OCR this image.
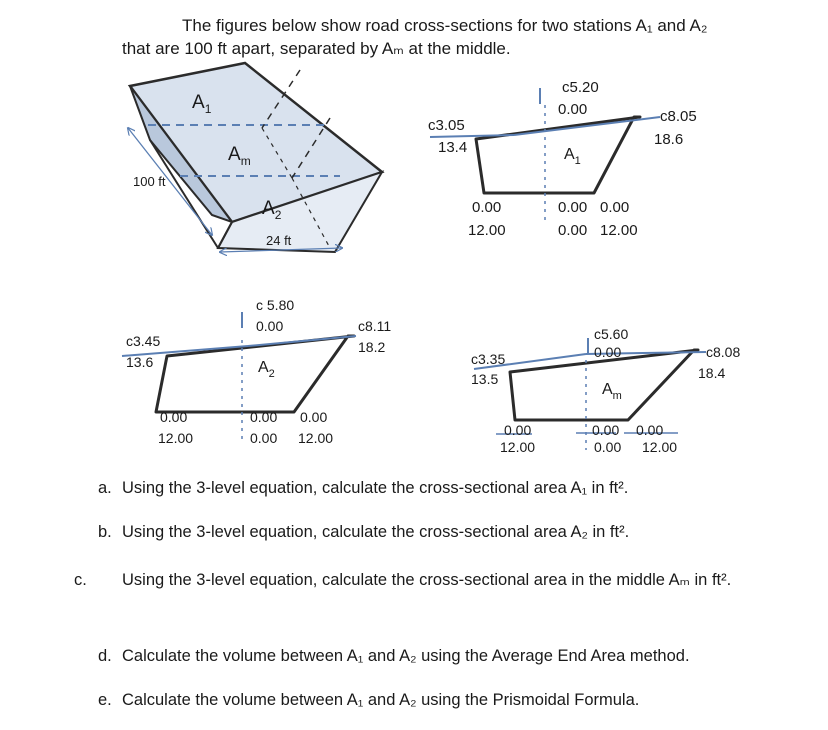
The figures below show road cross-sections for two stations A₁ and A₂
that are 100 ft apart, separated by Aₘ at the middle.
100 ft
24 ft
$A_1$
$A_m$
$A_2$
c5.20
0.00
c3.05
13.4
c8.05
18.6
$A_1$
0.00
12.00
0.00
0.00
0.00
12.00
c 5.80
0.00
c3.45
13.6
c8.11
18.2
$A_2$
0.00
12.00
0.00
0.00
0.00
12.00
c5.60
0.00
c3.35
13.5
c8.08
18.4
$A_m$
0.00
12.00
0.00
0.00
0.00
12.00
a. Using the 3-level equation, calculate the cross-sectional area A₁ in ft².
b. Using the 3-level equation, calculate the cross-sectional area A₂ in ft².
c. Using the 3-level equation, calculate the cross-sectional area in the middle Aₘ in ft².
d. Calculate the volume between A₁ and A₂ using the Average End Area method.
e. Calculate the volume between A₁ and A₂ using the Prismoidal Formula.
